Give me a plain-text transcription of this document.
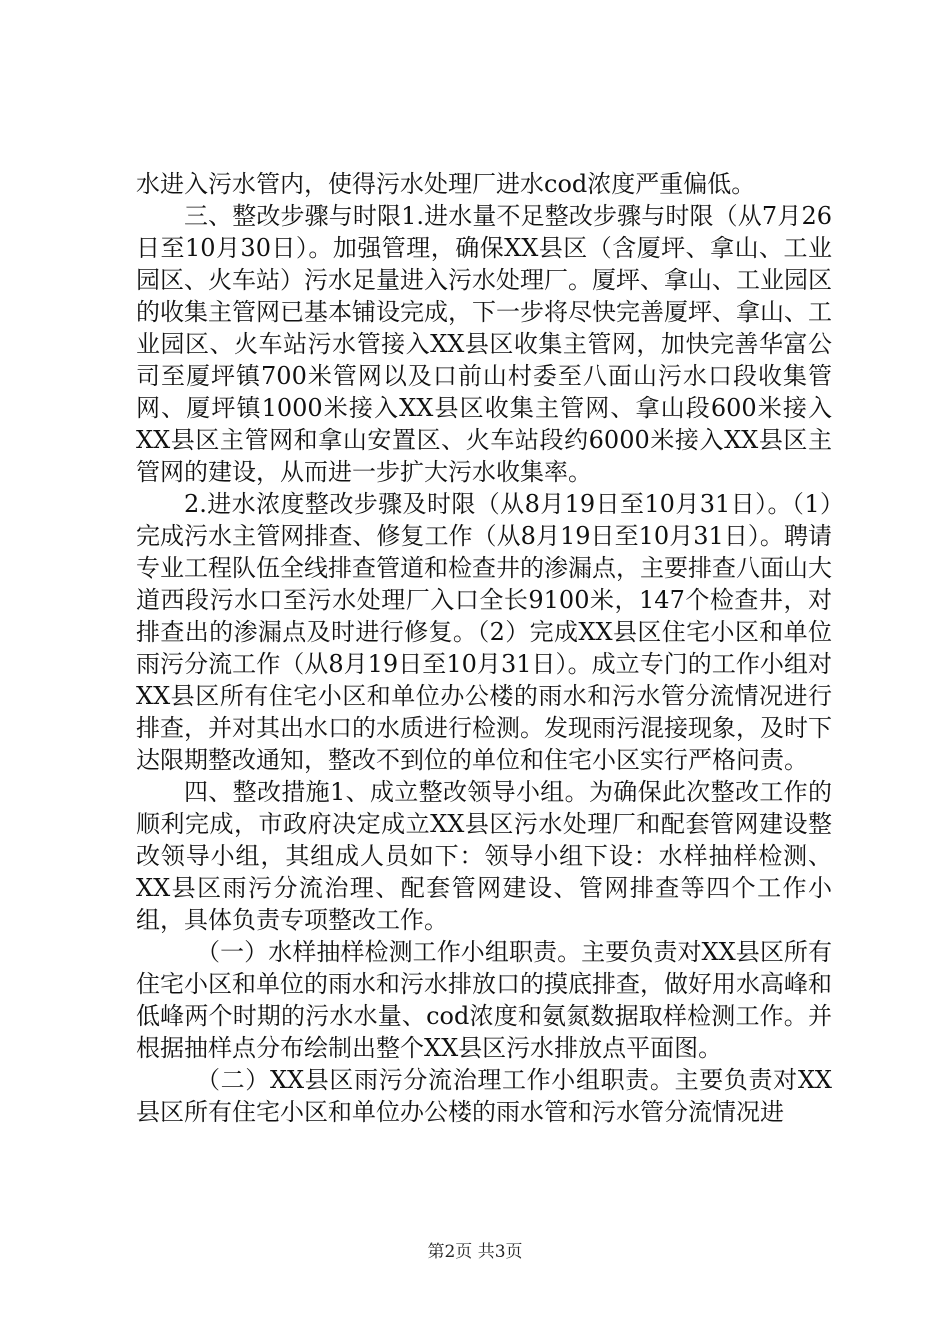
水进入污水管内，使得污水处理厂进水cod浓度严重偏低。

三、整改步骤与时限1.进水量不足整改步骤与时限（从7月26日至10月30日）。加强管理，确保XX县区（含厦坪、拿山、工业园区、火车站）污水足量进入污水处理厂。厦坪、拿山、工业园区的收集主管网已基本铺设完成，下一步将尽快完善厦坪、拿山、工业园区、火车站污水管接入XX县区收集主管网，加快完善华富公司至厦坪镇700米管网以及口前山村委至八面山污水口段收集管网、厦坪镇1000米接入XX县区收集主管网、拿山段600米接入XX县区主管网和拿山安置区、火车站段约6000米接入XX县区主管网的建设，从而进一步扩大污水收集率。

2.进水浓度整改步骤及时限（从8月19日至10月31日）。（1）完成污水主管网排查、修复工作（从8月19日至10月31日）。聘请专业工程队伍全线排查管道和检查井的渗漏点，主要排查八面山大道西段污水口至污水处理厂入口全长9100米，147个检查井，对排查出的渗漏点及时进行修复。（2）完成XX县区住宅小区和单位雨污分流工作（从8月19日至10月31日）。成立专门的工作小组对XX县区所有住宅小区和单位办公楼的雨水和污水管分流情况进行排查，并对其出水口的水质进行检测。发现雨污混接现象，及时下达限期整改通知，整改不到位的单位和住宅小区实行严格问责。

四、整改措施1、成立整改领导小组。为确保此次整改工作的顺利完成，市政府决定成立XX县区污水处理厂和配套管网建设整改领导小组，其组成人员如下：领导小组下设：水样抽样检测、XX县区雨污分流治理、配套管网建设、管网排查等四个工作小组，具体负责专项整改工作。

（一）水样抽样检测工作小组职责。主要负责对XX县区所有住宅小区和单位的雨水和污水排放口的摸底排查，做好用水高峰和低峰两个时期的污水水量、cod浓度和氨氮数据取样检测工作。并根据抽样点分布绘制出整个XX县区污水排放点平面图。

（二）XX县区雨污分流治理工作小组职责。主要负责对XX县区所有住宅小区和单位办公楼的雨水管和污水管分流情况进

第2页 共3页
